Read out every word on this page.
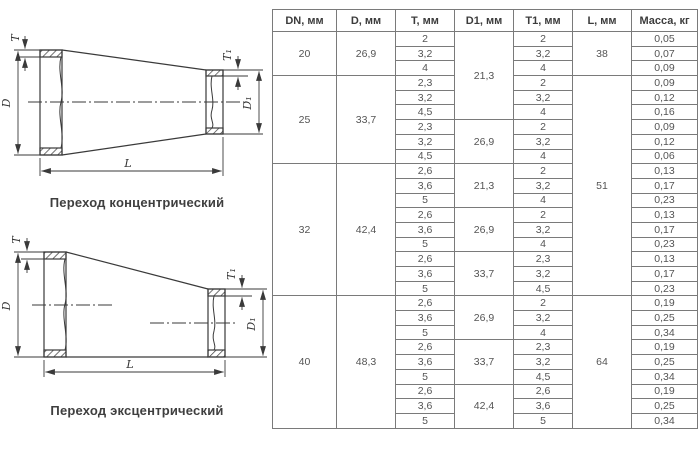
D
T
T₁
D₁
L
D
T
T₁
D₁
L
Переход концентрический
Переход эксцентрический
DN, мм	D, мм	T, мм	D1, мм	T1, мм	L, мм	Масса, кг
20	26,9	2	21,3	2	38	0,05
		3,2		3,2		0,07
		4		4		0,09
25	33,7	2,3		2	51	0,09
		3,2		3,2		0,12
		4,5		4		0,16
		2,3	26,9	2		0,09
		3,2		3,2		0,12
		4,5		4		0,06
32	42,4	2,6	21,3	2		0,13
		3,6		3,2		0,17
		5		4		0,23
		2,6	26,9	2		0,13
		3,6		3,2		0,17
		5		4		0,23
		2,6	33,7	2,3		0,13
		3,6		3,2		0,17
		5		4,5		0,23
40	48,3	2,6	26,9	2	64	0,19
		3,6		3,2		0,25
		5		4		0,34
		2,6	33,7	2,3		0,19
		3,6		3,2		0,25
		5		4,5		0,34
		2,6	42,4	2,6		0,19
		3,6		3,6		0,25
		5		5		0,34
